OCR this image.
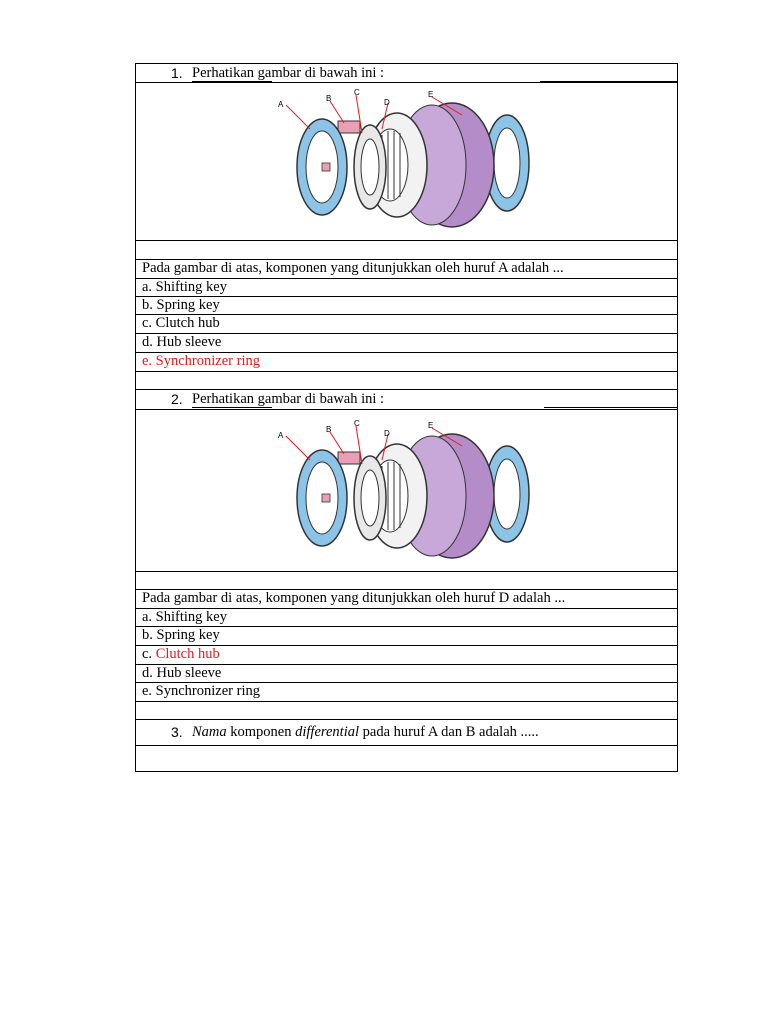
1. Perhatikan gambar di bawah ini :
A
B
C
D
E
Pada gambar di atas, komponen yang ditunjukkan oleh huruf A adalah ...
a. Shifting key
b. Spring key
c. Clutch hub
d. Hub sleeve
e. Synchronizer ring
2. Perhatikan gambar di bawah ini :
A
B
C
D
E
Pada gambar di atas, komponen yang ditunjukkan oleh huruf D adalah ...
a. Shifting key
b. Spring key
c. Clutch hub
d. Hub sleeve
e. Synchronizer ring
3. Nama komponen differential pada huruf A dan B adalah .....
